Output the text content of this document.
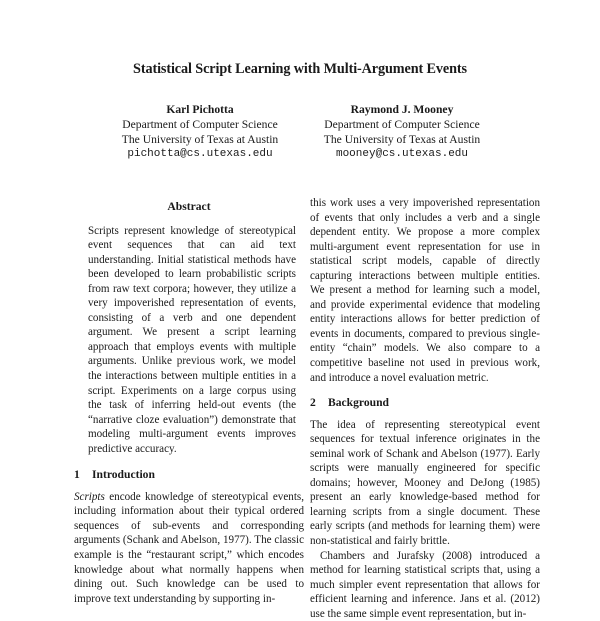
Statistical Script Learning with Multi-Argument Events
Karl Pichotta
Department of Computer Science
The University of Texas at Austin
pichotta@cs.utexas.edu
Raymond J. Mooney
Department of Computer Science
The University of Texas at Austin
mooney@cs.utexas.edu
Abstract

Scripts represent knowledge of stereotypical event sequences that can aid text understanding. Initial statistical methods have been developed to learn probabilistic scripts from raw text corpora; however, they utilize a very impoverished representation of events, consisting of a verb and one dependent argument. We present a script learning approach that employs events with multiple arguments. Unlike previous work, we model the interactions between multiple entities in a script. Experiments on a large corpus using the task of inferring held-out events (the “narrative cloze evaluation”) demonstrate that modeling multi-argument events improves predictive accuracy.

1 Introduction

Scripts encode knowledge of stereotypical events, including information about their typical ordered sequences of sub-events and corresponding arguments (Schank and Abelson, 1977). The classic example is the “restaurant script,” which encodes knowledge about what normally happens when dining out. Such knowledge can be used to improve text understanding by supporting in-

this work uses a very impoverished representation of events that only includes a verb and a single dependent entity. We propose a more complex multi-argument event representation for use in statistical script models, capable of directly capturing interactions between multiple entities. We present a method for learning such a model, and provide experimental evidence that modeling entity interactions allows for better prediction of events in documents, compared to previous single-entity “chain” models. We also compare to a competitive baseline not used in previous work, and introduce a novel evaluation metric.

2 Background

The idea of representing stereotypical event sequences for textual inference originates in the seminal work of Schank and Abelson (1977). Early scripts were manually engineered for specific domains; however, Mooney and DeJong (1985) present an early knowledge-based method for learning scripts from a single document. These early scripts (and methods for learning them) were non-statistical and fairly brittle.

Chambers and Jurafsky (2008) introduced a method for learning statistical scripts that, using a much simpler event representation that allows for efficient learning and inference. Jans et al. (2012) use the same simple event representation, but in-
